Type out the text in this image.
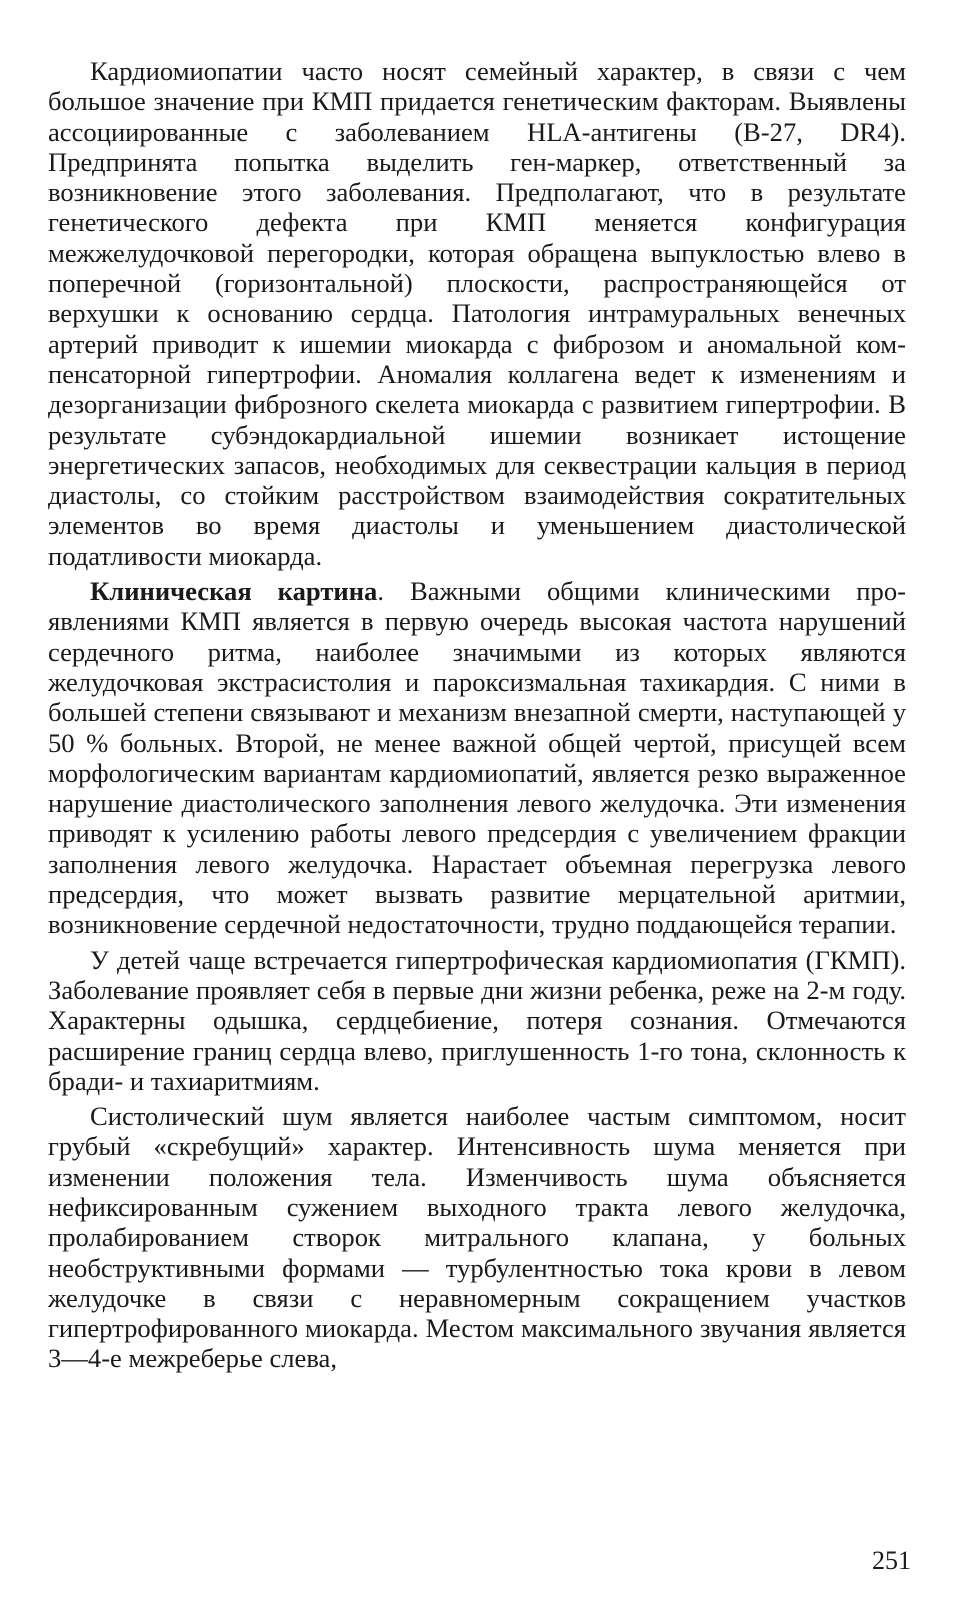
Кардиомиопатии часто носят семейный характер, в связи с чем большое значение при КМП придается генетическим факторам. Выявлены ассоциированные с заболеванием HLA-антигены (B-27, DR4). Предпринята попытка выделить ген-маркер, ответственный за возникновение этого заболевания. Предполагают, что в результате генетического дефекта при КМП меняется конфигурация межжелудочковой перегородки, которая обращена выпуклостью влево в поперечной (горизонтальной) плоскости, распространяющейся от верхушки к основанию сердца. Патология интрамуральных венечных артерий приводит к ишемии миокарда с фиброзом и аномальной компенсаторной гипертрофии. Аномалия коллагена ведет к изменениям и дезорганизации фиброзного скелета миокарда с развитием гипертрофии. В результате субэндокардиальной ишемии возникает истощение энергетических запасов, необходимых для секвестрации кальция в период диастолы, со стойким расстройством взаимодействия сократительных элементов во время диастолы и уменьшением диастолической податливости миокарда.

Клиническая картина. Важными общими клиническими проявлениями КМП является в первую очередь высокая частота нарушений сердечного ритма, наиболее значимыми из которых являются желудочковая экстрасистолия и пароксизмальная тахикардия. С ними в большей степени связывают и механизм внезапной смерти, наступающей у 50 % больных. Второй, не менее важной общей чертой, присущей всем морфологическим вариантам кардиомиопатий, является резко выраженное нарушение диастолического заполнения левого желудочка. Эти изменения приводят к усилению работы левого предсердия с увеличением фракции заполнения левого желудочка. Нарастает объемная перегрузка левого предсердия, что может вызвать развитие мерцательной аритмии, возникновение сердечной недостаточности, трудно поддающейся терапии.

У детей чаще встречается гипертрофическая кардиомиопатия (ГКМП). Заболевание проявляет себя в первые дни жизни ребенка, реже на 2-м году. Характерны одышка, сердцебиение, потеря сознания. Отмечаются расширение границ сердца влево, приглушенность 1-го тона, склонность к бради- и тахиаритмиям.

Систолический шум является наиболее частым симптомом, носит грубый «скребущий» характер. Интенсивность шума меняется при изменении положения тела. Изменчивость шума объясняется нефиксированным сужением выходного тракта левого желудочка, пролабированием створок митрального клапана, у больных необструктивными формами — турбулентностью тока крови в левом желудочке в связи с неравномерным сокращением участков гипертрофированного миокарда. Местом максимального звучания является 3—4-е межреберье слева,

251
